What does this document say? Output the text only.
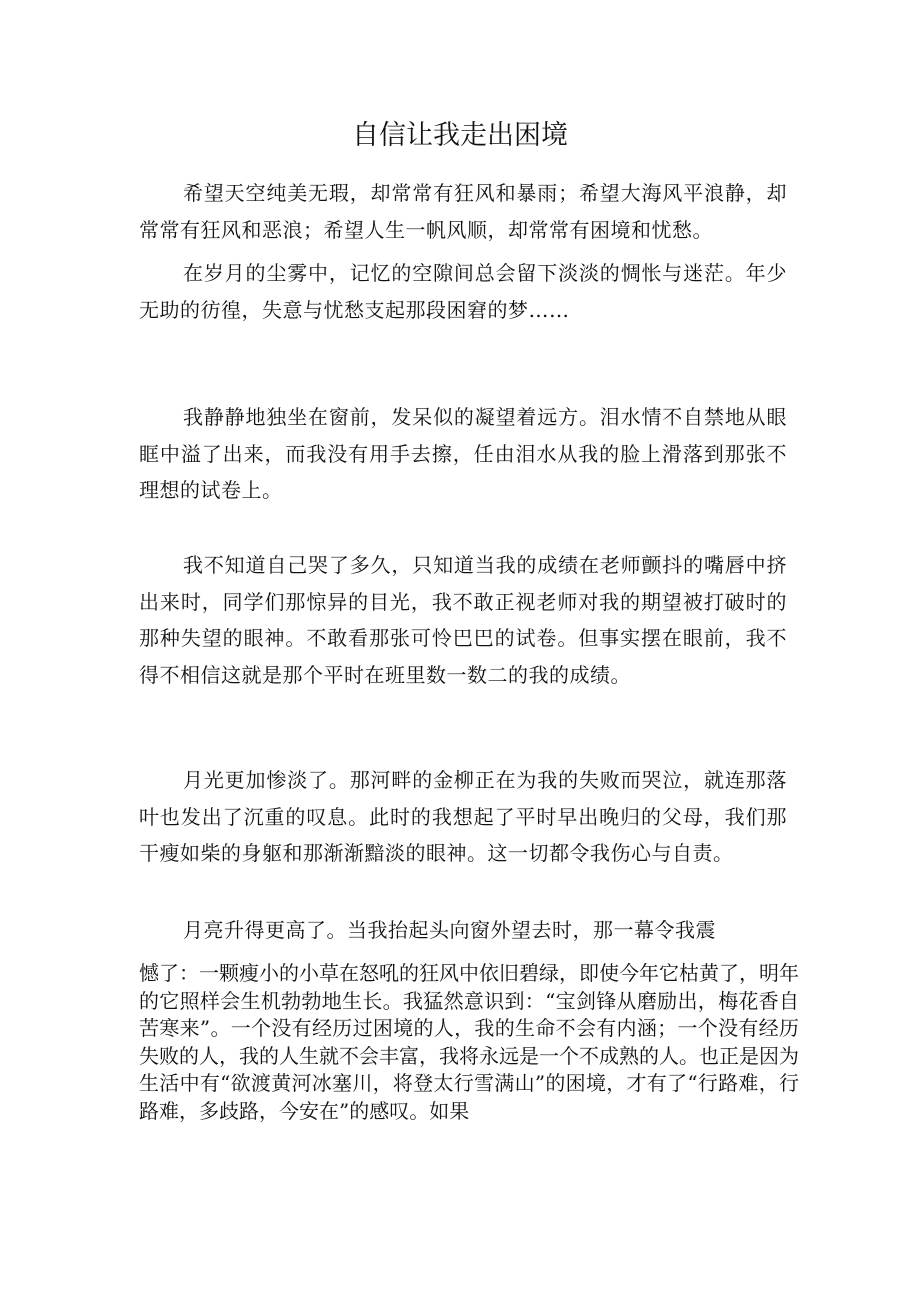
自信让我走出困境

希望天空纯美无瑕，却常常有狂风和暴雨；希望大海风平浪静，却常常有狂风和恶浪；希望人生一帆风顺，却常常有困境和忧愁。

在岁月的尘雾中，记忆的空隙间总会留下淡淡的惆怅与迷茫。年少无助的彷徨，失意与忧愁支起那段困窘的梦……

我静静地独坐在窗前，发呆似的凝望着远方。泪水情不自禁地从眼眶中溢了出来，而我没有用手去擦，任由泪水从我的脸上滑落到那张不理想的试卷上。

我不知道自己哭了多久，只知道当我的成绩在老师颤抖的嘴唇中挤出来时，同学们那惊异的目光，我不敢正视老师对我的期望被打破时的那种失望的眼神。不敢看那张可怜巴巴的试卷。但事实摆在眼前，我不得不相信这就是那个平时在班里数一数二的我的成绩。

月光更加惨淡了。那河畔的金柳正在为我的失败而哭泣，就连那落叶也发出了沉重的叹息。此时的我想起了平时早出晚归的父母，我们那干瘦如柴的身躯和那渐渐黯淡的眼神。这一切都令我伤心与自责。

月亮升得更高了。当我抬起头向窗外望去时，那一幕令我震

憾了：一颗瘦小的小草在怒吼的狂风中依旧碧绿，即使今年它枯黄了，明年的它照样会生机勃勃地生长。我猛然意识到：“宝剑锋从磨励出，梅花香自苦寒来”。一个没有经历过困境的人，我的生命不会有内涵；一个没有经历失败的人，我的人生就不会丰富，我将永远是一个不成熟的人。也正是因为生活中有“欲渡黄河冰塞川，将登太行雪满山”的困境，才有了“行路难，行路难，多歧路，今安在”的感叹。如果
